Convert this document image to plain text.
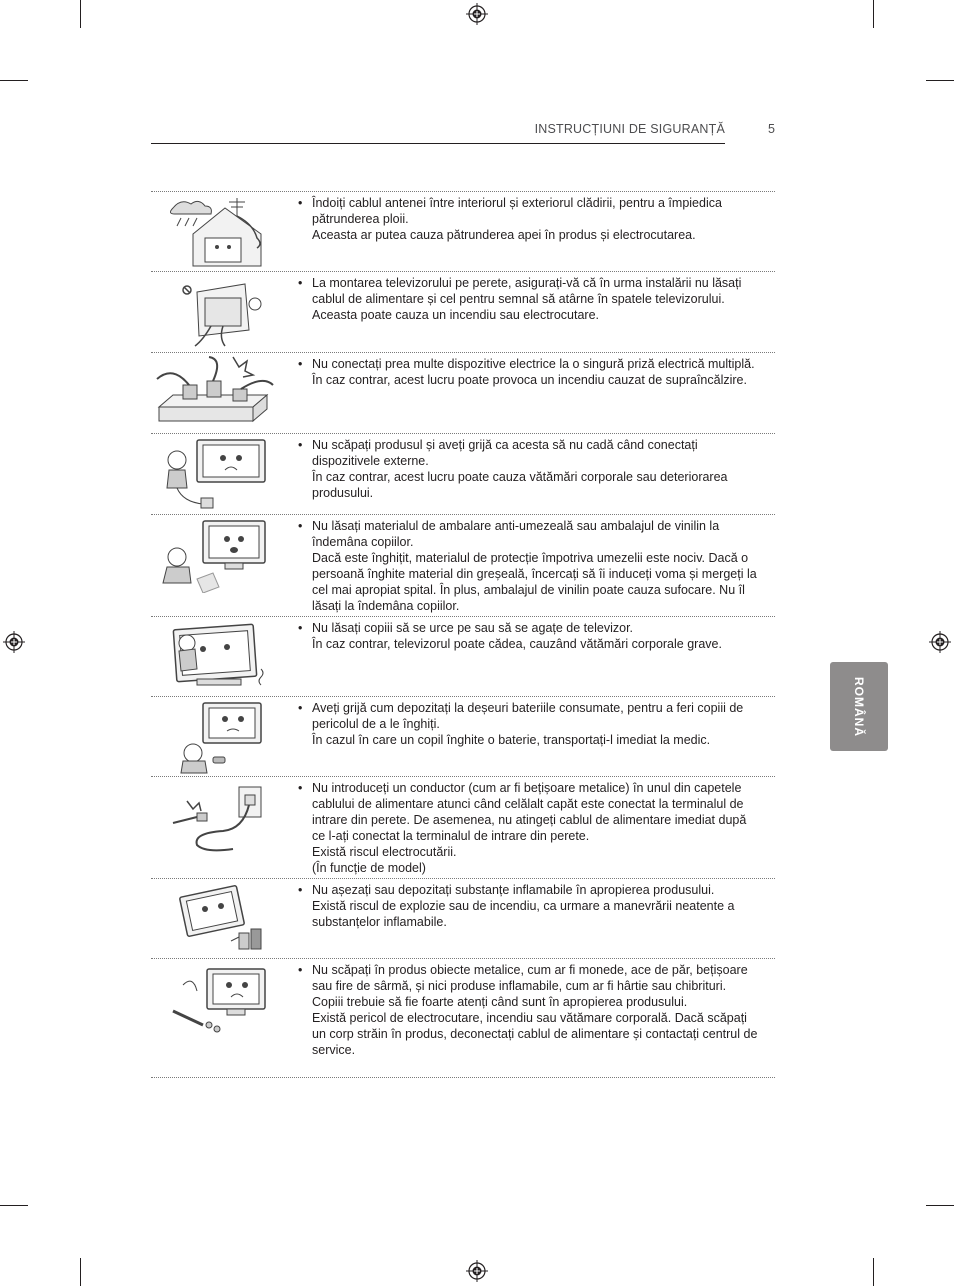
INSTRUCȚIUNI DE SIGURANȚĂ	5
ROMÂNĂ
• Îndoiți cablul antenei între interiorul și exteriorul clădirii, pentru a împiedica pătrunderea ploii.

Aceasta ar putea cauza pătrunderea apei în produs și electrocutarea.

• La montarea televizorului pe perete, asigurați-vă că în urma instalării nu lăsați cablul de alimentare și cel pentru semnal să atârne în spatele televizorului.

Aceasta poate cauza un incendiu sau electrocutare.

• Nu conectați prea multe dispozitive electrice la o singură priză electrică multiplă.

În caz contrar, acest lucru poate provoca un incendiu cauzat de supraîncălzire.

• Nu scăpați produsul și aveți grijă ca acesta să nu cadă când conectați dispozitivele externe.

În caz contrar, acest lucru poate cauza vătămări corporale sau deteriorarea produsului.

• Nu lăsați materialul de ambalare anti-umezeală sau ambalajul de vinilin la îndemâna copiilor.

Dacă este înghițit, materialul de protecție împotriva umezelii este nociv. Dacă o persoană înghite material din greșeală, încercați să îi induceți voma și mergeți la cel mai apropiat spital. În plus, ambalajul de vinilin poate cauza sufocare. Nu îl lăsați la îndemâna copiilor.

• Nu lăsați copiii să se urce pe sau să se agațe de televizor.

În caz contrar, televizorul poate cădea, cauzând vătămări corporale grave.

• Aveți grijă cum depozitați la deșeuri bateriile consumate, pentru a feri copiii de pericolul de a le înghiți.

În cazul în care un copil înghite o baterie, transportați-l imediat la medic.

• Nu introduceți un conductor (cum ar fi bețișoare metalice) în unul din capetele cablului de alimentare atunci când celălalt capăt este conectat la terminalul de intrare din perete. De asemenea, nu atingeți cablul de alimentare imediat după ce l-ați conectat la terminalul de intrare din perete.

Există riscul electrocutării.
(În funcție de model)

• Nu așezați sau depozitați substanțe inflamabile în apropierea produsului.

Există riscul de explozie sau de incendiu, ca urmare a manevrării neatente a substanțelor inflamabile.

• Nu scăpați în produs obiecte metalice, cum ar fi monede, ace de păr, bețișoare sau fire de sârmă, și nici produse inflamabile, cum ar fi hârtie sau chibrituri. Copiii trebuie să fie foarte atenți când sunt în apropierea produsului.

Există pericol de electrocutare, incendiu sau vătămare corporală. Dacă scăpați un corp străin în produs, deconectați cablul de alimentare și contactați centrul de service.
